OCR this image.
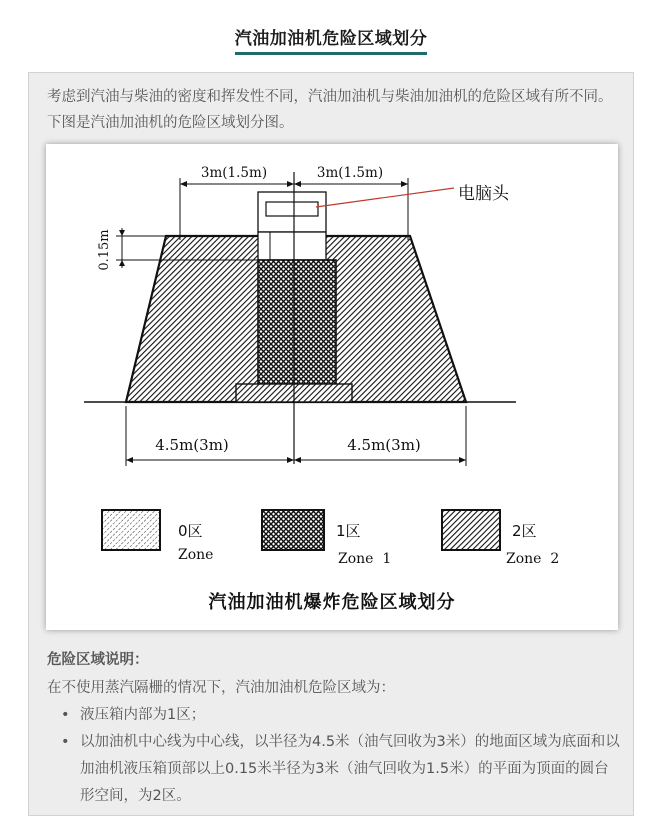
汽油加油机危险区域划分
考虑到汽油与柴油的密度和挥发性不同，汽油加油机与柴油加油机的危险区域有所不同。下图是汽油加油机的危险区域划分图。
3m(1.5m)	3m(1.5m)
电脑头
0.15m
4.5m(3m)	4.5m(3m)
0区
Zone
1区
Zone  1
2区
Zone  2
汽油加油机爆炸危险区域划分
危险区域说明：
在不使用蒸汽隔栅的情况下，汽油加油机危险区域为：
• 液压箱内部为1区；
• 以加油机中心线为中心线，以半径为4.5米（油气回收为3米）的地面区域为底面和以加油机液压箱顶部以上0.15米半径为3米（油气回收为1.5米）的平面为顶面的圆台形空间，为2区。
